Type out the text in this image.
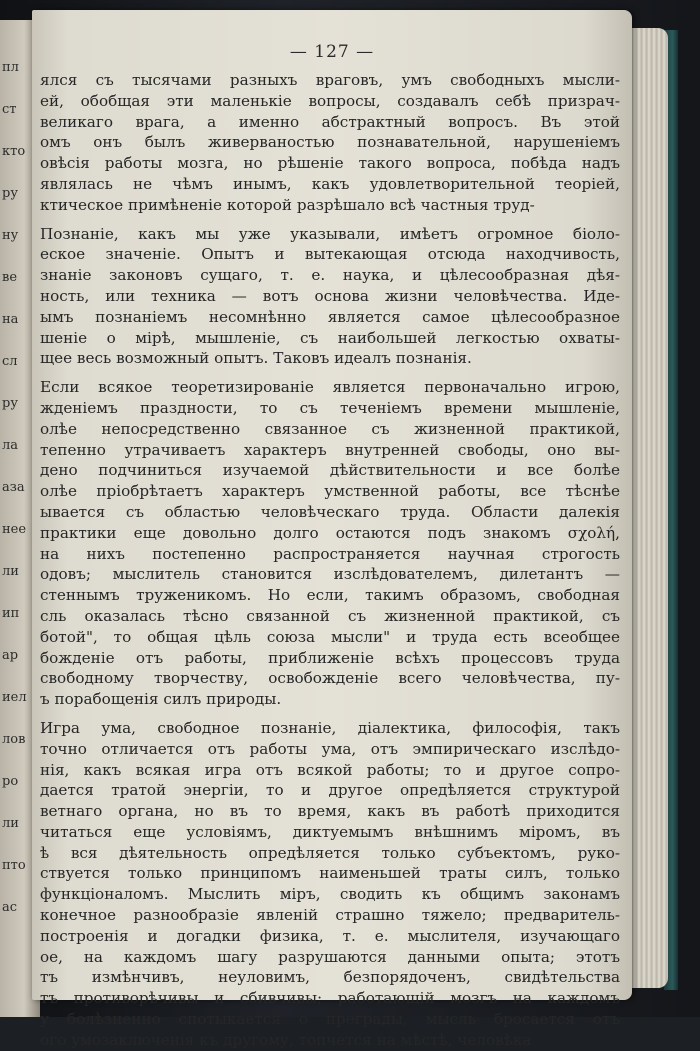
пл
ст
кто
ру
ну
ве
на
сл
ру
ла
аза
нее
ли
ип
ар
иел
лов
ро
ли
пто
ас
— 127 —
ялся съ тысячами разныхъ враговъ, умъ свободныхъ мысли-
ей, обобщая эти маленькіе вопросы, создавалъ себѣ призрач-
великаго врага, а именно абстрактный вопросъ. Въ этой
омъ онъ былъ живерваностью познавательной, нарушеніемъ
овѣсія работы мозга, но рѣшеніе такого вопроса, побѣда надъ
являлась не чѣмъ инымъ, какъ удовлетворительной теоріей,
ктическое примѣненіе которой разрѣшало всѣ частныя труд-
Познаніе, какъ мы уже указывали, имѣетъ огромное біоло-
еское значеніе. Опытъ и вытекающая отсюда находчивость,
знаніе законовъ сущаго, т. е. наука, и цѣлесообразная дѣя-
ность, или техника — вотъ основа жизни человѣчества. Иде-
ымъ познаніемъ несомнѣнно является самое цѣлесообразное
шеніе о мірѣ, мышленіе, съ наибольшей легкостью охваты-
щее весь возможный опытъ. Таковъ идеалъ познанія.
Если всякое теоретизированіе является первоначально игрою,
жденіемъ праздности, то съ теченіемъ времени мышленіе,
олѣе непосредственно связанное съ жизненной практикой,
тепенно утрачиваетъ характеръ внутренней свободы, оно вы-
дено подчиниться изучаемой дѣйствительности и все болѣе
олѣе пріобрѣтаетъ характеръ умственной работы, все тѣснѣе
ывается съ областью человѣческаго труда. Области далекія
практики еще довольно долго остаются подъ знакомъ σχολή,
на нихъ постепенно распространяется научная строгость
одовъ; мыслитель становится изслѣдователемъ, дилетантъ —
стеннымъ труженикомъ. Но если, такимъ образомъ, свободная
сль оказалась тѣсно связанной съ жизненной практикой, съ
ботой", то общая цѣль союза мысли" и труда есть всеобщее
божденіе отъ работы, приближеніе всѣхъ процессовъ труда
свободному творчеству, освобожденіе всего человѣчества, пу-
ъ порабощенія силъ природы.
Игра ума, свободное познаніе, діалектика, философія, такъ
точно отличается отъ работы ума, отъ эмпирическаго изслѣдо-
нія, какъ всякая игра отъ всякой работы; то и другое сопро-
дается тратой энергіи, то и другое опредѣляется структурой
ветнаго органа, но въ то время, какъ въ работѣ приходится
читаться еще условіямъ, диктуемымъ внѣшнимъ міромъ, въ
ѣ вся дѣятельность опредѣляется только субъектомъ, руко-
ствуется только принципомъ наименьшей траты силъ, только
функціоналомъ. Мыслить міръ, сводить къ общимъ законамъ
конечное разнообразіе явленій страшно тяжело; предваритель-
построенія и догадки физика, т. е. мыслителя, изучающаго
ое, на каждомъ шагу разрушаются данными опыта; этотъ
тъ измѣнчивъ, неуловимъ, безпорядоченъ, свидѣтельства
тъ противорѣчивы и сбивчивы; работающій мозгъ на каждомъ
у болѣзненно спотыкается о преграды, мысль бросается отъ
ого умозаключенія къ другому, топчется на мѣстѣ, человѣка
